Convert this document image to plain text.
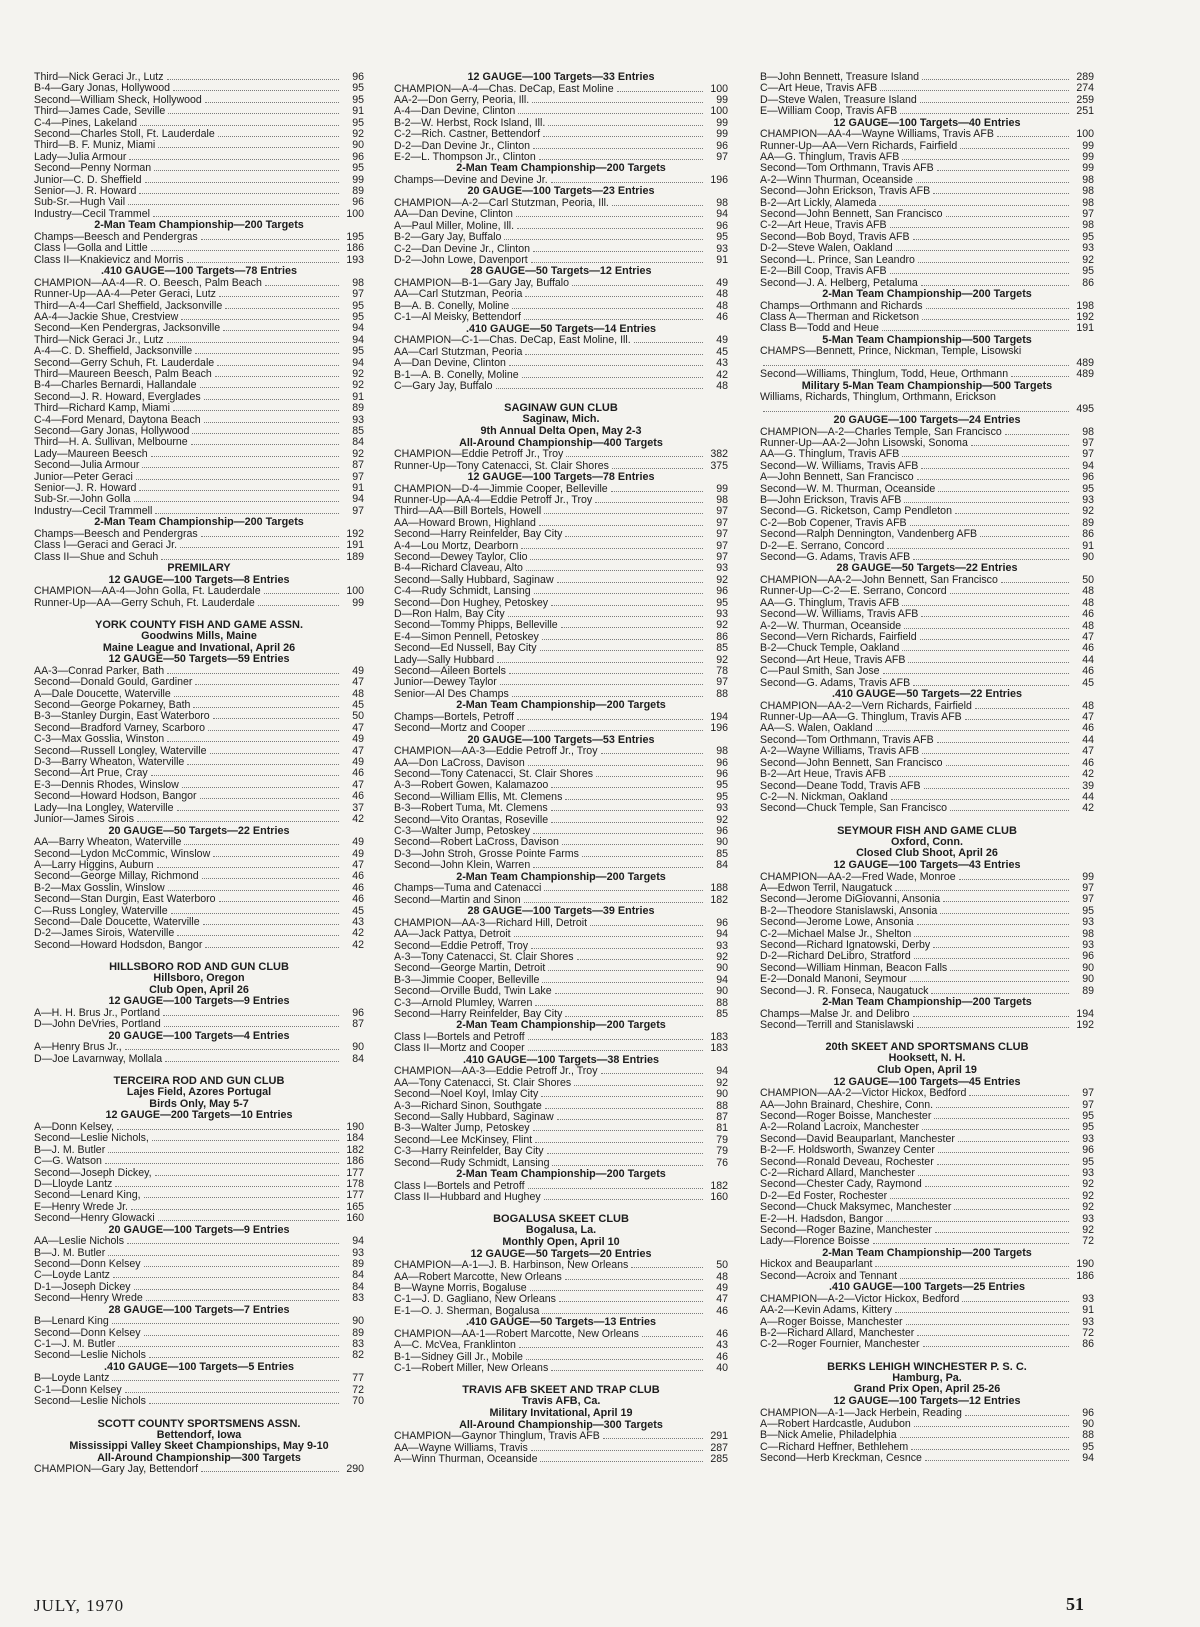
Third—Nick Geraci Jr., Lutz	96
B-4—Gary Jonas, Hollywood	95
Second—William Sheck, Hollywood	95
Third—James Cade, Seville	91
C-4—Pines, Lakeland	95
Second—Charles Stoll, Ft. Lauderdale	92
Third—B. F. Muniz, Miami	90
Lady—Julia Armour	96
Second—Penny Norman	95
Junior—C. D. Sheffield	99
Senior—J. R. Howard	89
Sub-Sr.—Hugh Vail	96
Industry—Cecil Trammel	100
2-Man Team Championship—200 Targets
Champs—Beesch and Pendergras	195
Class I—Golla and Little	186
Class II—Knakievicz and Morris	193
.410 GAUGE—100 Targets—78 Entries
CHAMPION—AA-4—R. O. Beesch, Palm Beach	98
Runner-Up—AA-4—Peter Geraci, Lutz	97
Third—A-4—Carl Sheffield, Jacksonville	95
AA-4—Jackie Shue, Crestview	95
Second—Ken Pendergras, Jacksonville	94
Third—Nick Geraci Jr., Lutz	94
A-4—C. D. Sheffield, Jacksonville	95
Second—Gerry Schuh, Ft. Lauderdale	94
Third—Maureen Beesch, Palm Beach	92
B-4—Charles Bernardi, Hallandale	92
Second—J. R. Howard, Everglades	91
Third—Richard Kamp, Miami	89
C-4—Ford Menard, Daytona Beach	93
Second—Gary Jonas, Hollywood	85
Third—H. A. Sullivan, Melbourne	84
Lady—Maureen Beesch	92
Second—Julia Armour	87
Junior—Peter Geraci	97
Senior—J. R. Howard	91
Sub-Sr.—John Golla	94
Industry—Cecil Trammell	97
2-Man Team Championship—200 Targets
Champs—Beesch and Pendergras	192
Class I—Geraci and Geraci Jr.	191
Class II—Shue and Schuh	189
PREMILARY
12 GAUGE—100 Targets—8 Entries
CHAMPION—AA-4—John Golla, Ft. Lauderdale	100
Runner-Up—AA—Gerry Schuh, Ft. Lauderdale	99
YORK COUNTY FISH AND GAME ASSN.
Goodwins Mills, Maine
Maine League and Invational, April 26
12 GAUGE—50 Targets—59 Entries
AA-3—Conrad Parker, Bath	49
Second—Donald Gould, Gardiner	47
A—Dale Doucette, Waterville	48
Second—George Pokarney, Bath	45
B-3—Stanley Durgin, East Waterboro	50
Second—Bradford Varney, Scarboro	47
C-3—Max Gosslia, Winston	49
Second—Russell Longley, Waterville	47
D-3—Barry Wheaton, Waterville	49
Second—Art Prue, Cray	46
E-3—Dennis Rhodes, Winslow	47
Second—Howard Hodson, Bangor	46
Lady—Ina Longley, Waterville	37
Junior—James Sirois	42
20 GAUGE—50 Targets—22 Entries
AA—Barry Wheaton, Waterville	49
Second—Lydon McCommic, Winslow	49
A—Larry Higgins, Auburn	47
Second—George Millay, Richmond	46
B-2—Max Gosslin, Winslow	46
Second—Stan Durgin, East Waterboro	46
C—Russ Longley, Waterville	45
Second—Dale Doucette, Waterville	43
D-2—James Sirois, Waterville	42
Second—Howard Hodsdon, Bangor	42
HILLSBORO ROD AND GUN CLUB
Hillsboro, Oregon
Club Open, April 26
12 GAUGE—100 Targets—9 Entries
A—H. H. Brus Jr., Portland	96
D—John DeVries, Portland	87
20 GAUGE—100 Targets—4 Entries
A—Henry Brus Jr.,	90
D—Joe Lavarnway, Mollala	84
TERCEIRA ROD AND GUN CLUB
Lajes Field, Azores Portugal
Birds Only, May 5-7
12 GAUGE—200 Targets—10 Entries
A—Donn Kelsey,	190
Second—Leslie Nichols,	184
B—J. M. Butler	182
C—G. Watson	186
Second—Joseph Dickey,	177
D—Lloyde Lantz	178
Second—Lenard King,	177
E—Henry Wrede Jr.	165
Second—Henry Glowacki	160
20 GAUGE—100 Targets—9 Entries
AA—Leslie Nichols	94
B—J. M. Butler	93
Second—Donn Kelsey	89
C—Loyde Lantz	84
D-1—Joseph Dickey	84
Second—Henry Wrede	83
28 GAUGE—100 Targets—7 Entries
B—Lenard King	90
Second—Donn Kelsey	89
C-1—J. M. Butler	83
Second—Leslie Nichols	82
.410 GAUGE—100 Targets—5 Entries
B—Loyde Lantz	77
C-1—Donn Kelsey	72
Second—Leslie Nichols	70
SCOTT COUNTY SPORTSMENS ASSN.
Bettendorf, Iowa
Mississippi Valley Skeet Championships, May 9-10
All-Around Championship—300 Targets
CHAMPION—Gary Jay, Bettendorf	290
12 GAUGE—100 Targets—33 Entries
CHAMPION—A-4—Chas. DeCap, East Moline	100
AA-2—Don Gerry, Peoria, Ill.	99
A-4—Dan Devine, Clinton	100
B-2—W. Herbst, Rock Island, Ill.	99
C-2—Rich. Castner, Bettendorf	99
D-2—Dan Devine Jr., Clinton	96
E-2—L. Thompson Jr., Clinton	97
2-Man Team Championship—200 Targets
Champs—Devine and Devine Jr.	196
20 GAUGE—100 Targets—23 Entries
CHAMPION—A-2—Carl Stutzman, Peoria, Ill.	98
AA—Dan Devine, Clinton	94
A—Paul Miller, Moline, Ill.	96
B-2—Gary Jay, Buffalo	95
C-2—Dan Devine Jr., Clinton	93
D-2—John Lowe, Davenport	91
28 GAUGE—50 Targets—12 Entries
CHAMPION—B-1—Gary Jay, Buffalo	49
AA—Carl Stutzman, Peoria	48
B—A. B. Conelly, Moline	48
C-1—Al Meisky, Bettendorf	46
.410 GAUGE—50 Targets—14 Entries
CHAMPION—C-1—Chas. DeCap, East Moline, Ill.	49
AA—Carl Stutzman, Peoria	45
A—Dan Devine, Clinton	43
B-1—A. B. Conelly, Moline	42
C—Gary Jay, Buffalo	48
SAGINAW GUN CLUB
Saginaw, Mich.
9th Annual Delta Open, May 2-3
All-Around Championship—400 Targets
CHAMPION—Eddie Petroff Jr., Troy	382
Runner-Up—Tony Catenacci, St. Clair Shores	375
12 GAUGE—100 Targets—78 Entries
CHAMPION—D-4—Jimmie Cooper, Belleville	99
Runner-Up—AA-4—Eddie Petroff Jr., Troy	98
Third—AA—Bill Bortels, Howell	97
AA—Howard Brown, Highland	97
Second—Harry Reinfelder, Bay City	97
A-4—Lou Mortz, Dearborn	97
Second—Dewey Taylor, Clio	97
B-4—Richard Claveau, Alto	93
Second—Sally Hubbard, Saginaw	92
C-4—Rudy Schmidt, Lansing	96
Second—Don Hughey, Petoskey	95
D—Ron Halm, Bay City	93
Second—Tommy Phipps, Belleville	92
E-4—Simon Pennell, Petoskey	86
Second—Ed Nussell, Bay City	85
Lady—Sally Hubbard	92
Second—Aileen Bortels	78
Junior—Dewey Taylor	97
Senior—Al Des Champs	88
2-Man Team Championship—200 Targets
Champs—Bortels, Petroff	194
Second—Mortz and Cooper	196
20 GAUGE—100 Targets—53 Entries
CHAMPION—AA-3—Eddie Petroff Jr., Troy	98
AA—Don LaCross, Davison	96
Second—Tony Catenacci, St. Clair Shores	96
A-3—Robert Gowen, Kalamazoo	95
Second—William Ellis, Mt. Clemens	95
B-3—Robert Tuma, Mt. Clemens	93
Second—Vito Orantas, Roseville	92
C-3—Walter Jump, Petoskey	96
Second—Robert LaCross, Davison	90
D-3—John Stroh, Grosse Pointe Farms	85
Second—John Klein, Warren	84
2-Man Team Championship—200 Targets
Champs—Tuma and Catenacci	188
Second—Martin and Sinon	182
28 GAUGE—100 Targets—39 Entries
CHAMPION—AA-3—Richard Hill, Detroit	96
AA—Jack Pattya, Detroit	94
Second—Eddie Petroff, Troy	93
A-3—Tony Catenacci, St. Clair Shores	92
Second—George Martin, Detroit	90
B-3—Jimmie Cooper, Belleville	94
Second—Orville Budd, Twin Lake	90
C-3—Arnold Plumley, Warren	88
Second—Harry Reinfelder, Bay City	85
2-Man Team Championship—200 Targets
Class I—Bortels and Petroff	183
Class II—Mortz and Cooper	183
.410 GAUGE—100 Targets—38 Entries
CHAMPION—AA-3—Eddie Petroff Jr., Troy	94
AA—Tony Catenacci, St. Clair Shores	92
Second—Noel Koyl, Imlay City	90
A-3—Richard Sinon, Southgate	88
Second—Sally Hubbard, Saginaw	87
B-3—Walter Jump, Petoskey	81
Second—Lee McKinsey, Flint	79
C-3—Harry Reinfelder, Bay City	79
Second—Rudy Schmidt, Lansing	76
2-Man Team Championship—200 Targets
Class I—Bortels and Petroff	182
Class II—Hubbard and Hughey	160
BOGALUSA SKEET CLUB
Bogalusa, La.
Monthly Open, April 10
12 GAUGE—50 Targets—20 Entries
CHAMPION—A-1—J. B. Harbinson, New Orleans	50
AA—Robert Marcotte, New Orleans	48
B—Wayne Morris, Bogaluse	49
C-1—J. D. Gagliano, New Orleans	47
E-1—O. J. Sherman, Bogalusa	46
.410 GAUGE—50 Targets—13 Entries
CHAMPION—AA-1—Robert Marcotte, New Orleans	46
A—C. McVea, Franklinton	43
B-1—Sidney Gill Jr., Mobile	46
C-1—Robert Miller, New Orleans	40
TRAVIS AFB SKEET AND TRAP CLUB
Travis AFB, Ca.
Military Invitational, April 19
All-Around Championship—300 Targets
CHAMPION—Gaynor Thinglum, Travis AFB	291
AA—Wayne Williams, Travis	287
A—Winn Thurman, Oceanside	285
B—John Bennett, Treasure Island	289
C—Art Heue, Travis AFB	274
D—Steve Walen, Treasure Island	259
E—William Coop, Travis AFB	251
12 GAUGE—100 Targets—40 Entries
CHAMPION—AA-4—Wayne Williams, Travis AFB	100
Runner-Up—AA—Vern Richards, Fairfield	99
AA—G. Thinglum, Travis AFB	99
Second—Tom Orthmann, Travis AFB	99
A-2—Winn Thurman, Oceanside	98
Second—John Erickson, Travis AFB	98
B-2—Art Lickly, Alameda	98
Second—John Bennett, San Francisco	97
C-2—Art Heue, Travis AFB	98
Second—Bob Boyd, Travis AFB	95
D-2—Steve Walen, Oakland	93
Second—L. Prince, San Leandro	92
E-2—Bill Coop, Travis AFB	95
Second—J. A. Helberg, Petaluma	86
2-Man Team Championship—200 Targets
Champs—Orthmann and Richards	198
Class A—Therman and Ricketson	192
Class B—Todd and Heue	191
5-Man Team Championship—500 Targets
CHAMPS—Bennett, Prince, Nickman, Temple, Lisowski
489
Second—Williams, Thinglum, Todd, Heue, Orthmann	489
Military 5-Man Team Championship—500 Targets
Williams, Richards, Thinglum, Orthmann, Erickson
495
20 GAUGE—100 Targets—24 Entries
CHAMPION—A-2—Charles Temple, San Francisco	98
Runner-Up—AA-2—John Lisowski, Sonoma	97
AA—G. Thinglum, Travis AFB	97
Second—W. Williams, Travis AFB	94
A—John Bennett, San Francisco	96
Second—W. M. Thurman, Oceanside	95
B—John Erickson, Travis AFB	93
Second—G. Ricketson, Camp Pendleton	92
C-2—Bob Copener, Travis AFB	89
Second—Ralph Dennington, Vandenberg AFB	86
D-2—E. Serrano, Concord	91
Second—G. Adams, Travis AFB	90
28 GAUGE—50 Targets—22 Entries
CHAMPION—AA-2—John Bennett, San Francisco	50
Runner-Up—C-2—E. Serrano, Concord	48
AA—G. Thinglum, Travis AFB	48
Second—W. Williams, Travis AFB	46
A-2—W. Thurman, Oceanside	48
Second—Vern Richards, Fairfield	47
B-2—Chuck Temple, Oakland	46
Second—Art Heue, Travis AFB	44
C—Paul Smith, San Jose	46
Second—G. Adams, Travis AFB	45
.410 GAUGE—50 Targets—22 Entries
CHAMPION—AA-2—Vern Richards, Fairfield	48
Runner-Up—AA—G. Thinglum, Travis AFB	47
AA—S. Walen, Oakland	46
Second—Tom Orthmann, Travis AFB	44
A-2—Wayne Williams, Travis AFB	47
Second—John Bennett, San Francisco	46
B-2—Art Heue, Travis AFB	42
Second—Deane Todd, Travis AFB	39
C-2—N. Nickman, Oakland	44
Second—Chuck Temple, San Francisco	42
SEYMOUR FISH AND GAME CLUB
Oxford, Conn.
Closed Club Shoot, April 26
12 GAUGE—100 Targets—43 Entries
CHAMPION—AA-2—Fred Wade, Monroe	99
A—Edwon Terril, Naugatuck	97
Second—Jerome DiGiovanni, Ansonia	97
B-2—Theodore Stanislawski, Ansonia	95
Second—Jerome Lowe, Ansonia	93
C-2—Michael Malse Jr., Shelton	98
Second—Richard Ignatowski, Derby	93
D-2—Richard DeLibro, Stratford	96
Second—William Hinman, Beacon Falls	90
E-2—Donald Manoni, Seymour	90
Second—J. R. Fonseca, Naugatuck	89
2-Man Team Championship—200 Targets
Champs—Malse Jr. and Delibro	194
Second—Terrill and Stanislawski	192
20th SKEET AND SPORTSMANS CLUB
Hooksett, N. H.
Club Open, April 19
12 GAUGE—100 Targets—45 Entries
CHAMPION—AA-2—Victor Hickox, Bedford	97
AA—John Brainard, Cheshire, Conn.	97
Second—Roger Boisse, Manchester	95
A-2—Roland Lacroix, Manchester	95
Second—David Beauparlant, Manchester	93
B-2—F. Holdsworth, Swanzey Center	96
Second—Ronald Deveau, Rochester	95
C-2—Richard Allard, Manchester	93
Second—Chester Cady, Raymond	92
D-2—Ed Foster, Rochester	92
Second—Chuck Maksymec, Manchester	92
E-2—H. Hadsdon, Bangor	93
Second—Roger Bazine, Manchester	92
Lady—Florence Boisse	72
2-Man Team Championship—200 Targets
Hickox and Beauparlant	190
Second—Acroix and Tennant	186
.410 GAUGE—100 Targets—25 Entries
CHAMPION—A-2—Victor Hickox, Bedford	93
AA-2—Kevin Adams, Kittery	91
A—Roger Boisse, Manchester	93
B-2—Richard Allard, Manchester	72
C-2—Roger Fournier, Manchester	86
BERKS LEHIGH WINCHESTER P. S. C.
Hamburg, Pa.
Grand Prix Open, April 25-26
12 GAUGE—100 Targets—12 Entries
CHAMPION—A-1—Jack Herbein, Reading	96
A—Robert Hardcastle, Audubon	90
B—Nick Amelie, Philadelphia	88
C—Richard Heffner, Bethlehem	95
Second—Herb Kreckman, Cesnce	94
JULY, 1970	51
